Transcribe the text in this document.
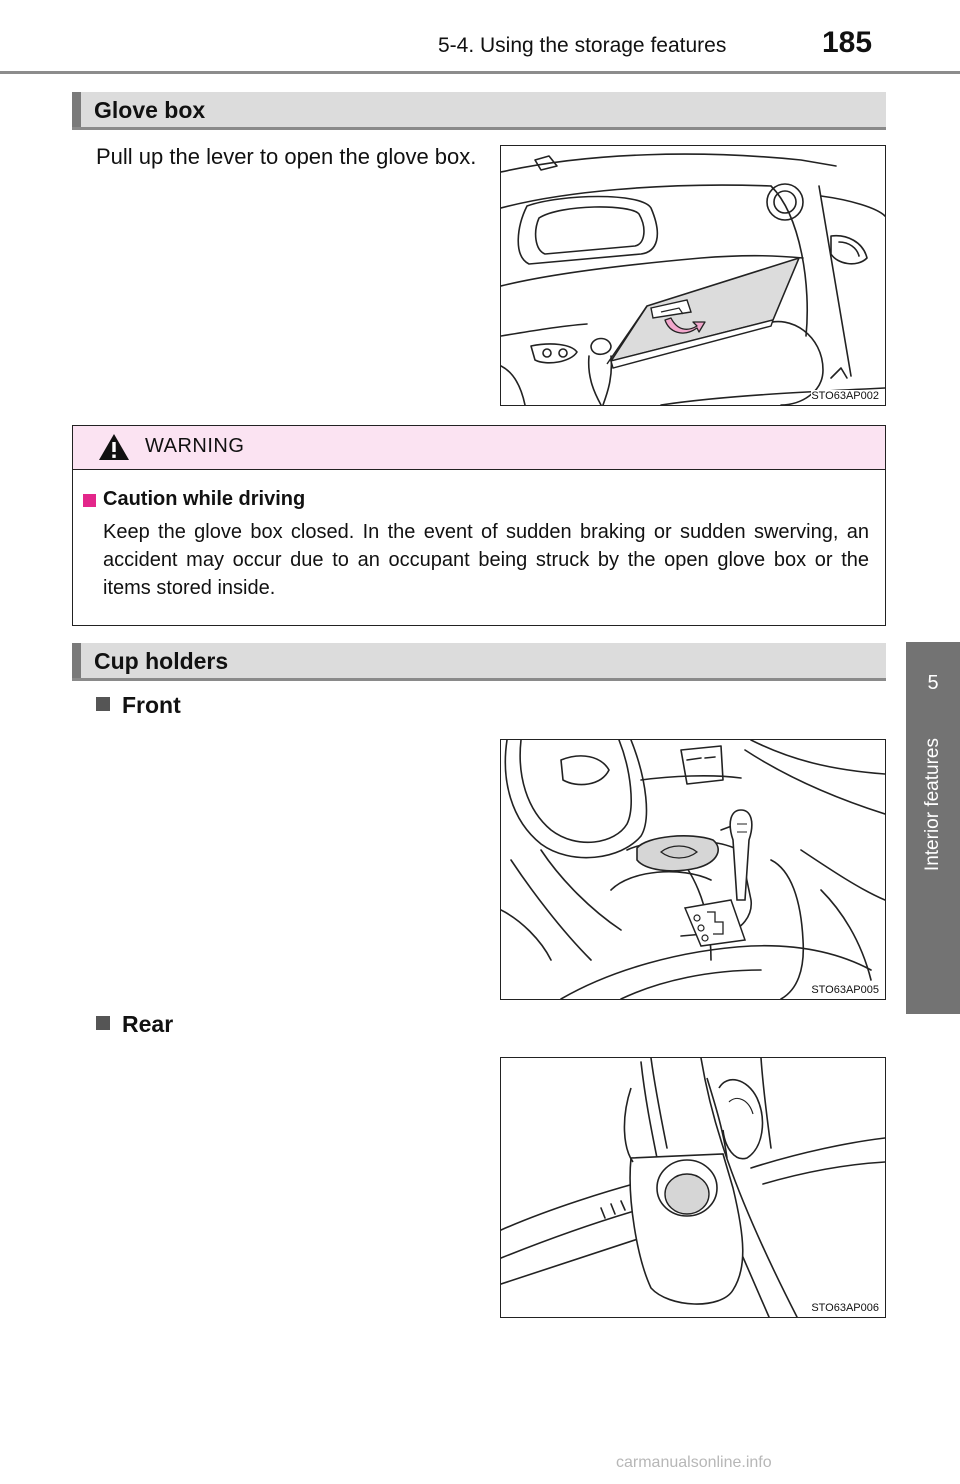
5-4. Using the storage features	185
5
Interior features
Glove box
Pull up the lever to open the glove box.
STO63AP002
WARNING
Caution while driving
Keep the glove box closed. In the event of sudden braking or sudden swerving, an accident may occur due to an occupant being struck by the open glove box or the items stored inside.
Cup holders
Front
STO63AP005
Rear
STO63AP006
carmanualsonline.info
